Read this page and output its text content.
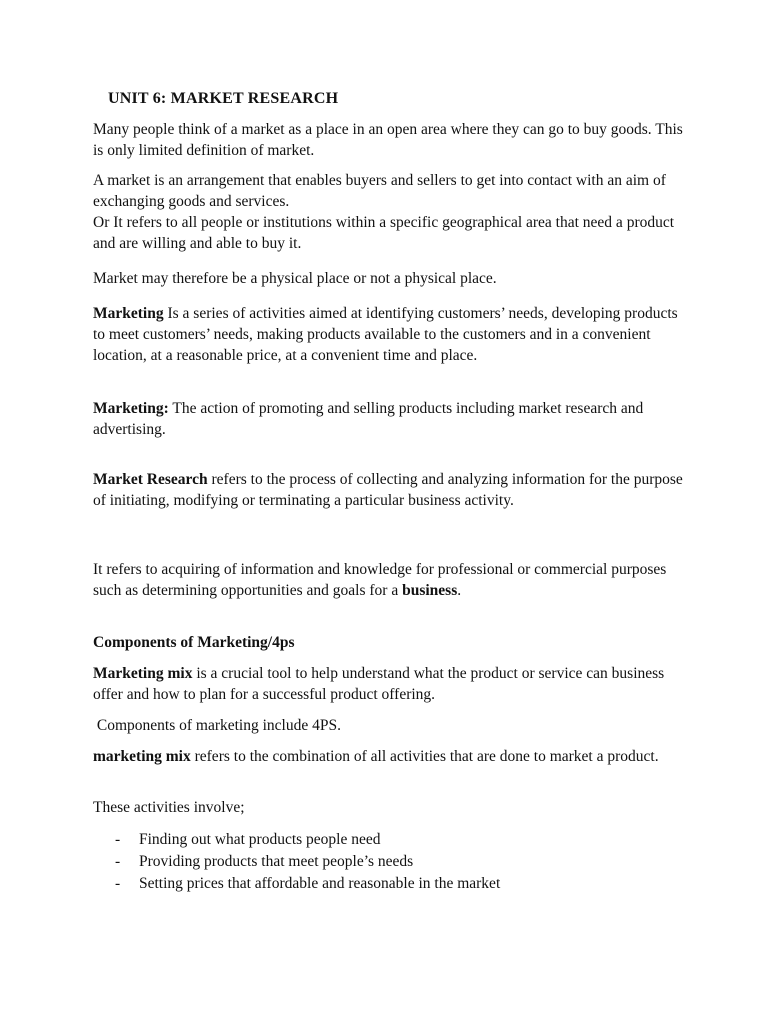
UNIT 6: MARKET RESEARCH

Many people think of a market as a place in an open area where they can go to buy goods. This is only limited definition of market.

A market is an arrangement that enables buyers and sellers to get into contact with an aim of exchanging goods and services.
Or It refers to all people or institutions within a specific geographical area that need a product and are willing and able to buy it.

Market may therefore be a physical place or not a physical place.

Marketing Is a series of activities aimed at identifying customers’ needs, developing products to meet customers’ needs, making products available to the customers and in a convenient location, at a reasonable price, at a convenient time and place.

Marketing: The action of promoting and selling products including market research and advertising.

Market Research refers to the process of collecting and analyzing information for the purpose of initiating, modifying or terminating a particular business activity.

It refers to acquiring of information and knowledge for professional or commercial purposes such as determining opportunities and goals for a business.

Components of Marketing/4ps

Marketing mix is a crucial tool to help understand what the product or service can business offer and how to plan for a successful product offering.

Components of marketing include 4PS.

marketing mix refers to the combination of all activities that are done to market a product.

These activities involve;

- Finding out what products people need
- Providing products that meet people’s needs
- Setting prices that affordable and reasonable in the market
